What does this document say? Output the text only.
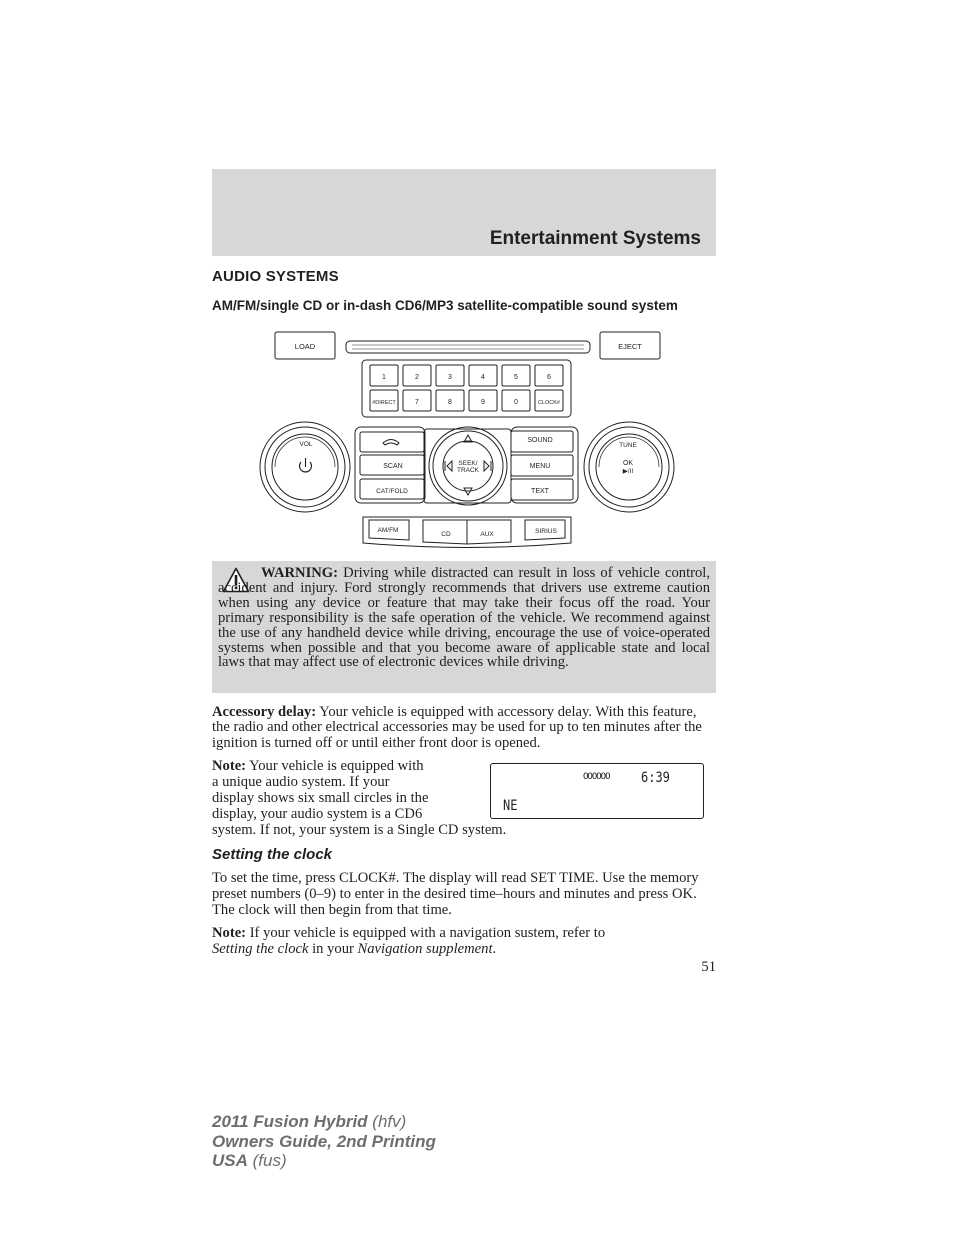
Entertainment Systems
AUDIO SYSTEMS
AM/FM/single CD or in-dash CD6/MP3 satellite-compatible sound system
LOAD	EJECT
1	2	3	4	5	6
#DIRECT	7	8	9	0	CLOCK#
VOL
SCAN
CAT/FOLD
SEEK/
TRACK
SOUND
MENU
TEXT
TUNE
OK
▶/II
AM/FM
CD	AUX	SIRIUS
WARNING: Driving while distracted can result in loss of vehicle control, accident and injury. Ford strongly recommends that drivers use extreme caution when using any device or feature that may take their focus off the road. Your primary responsibility is the safe operation of the vehicle. We recommend against the use of any handheld device while driving, encourage the use of voice-operated systems when possible and that you become aware of applicable state and local laws that may affect use of electronic devices while driving.
Accessory delay: Your vehicle is equipped with accessory delay. With this feature, the radio and other electrical accessories may be used for up to ten minutes after the ignition is turned off or until either front door is opened.
Note: Your vehicle is equipped with
a unique audio system. If your
display shows six small circles in the
display, your audio system is a CD6
system. If not, your system is a Single CD system.
OOOOOO	6:39
NE
Setting the clock
To set the time, press CLOCK#. The display will read SET TIME. Use the memory preset numbers (0–9) to enter in the desired time–hours and minutes and press OK. The clock will then begin from that time.
Note: If your vehicle is equipped with a navigation sustem, refer to
Setting the clock in your Navigation supplement.
51
2011 Fusion Hybrid (hfv)
Owners Guide, 2nd Printing
USA (fus)
